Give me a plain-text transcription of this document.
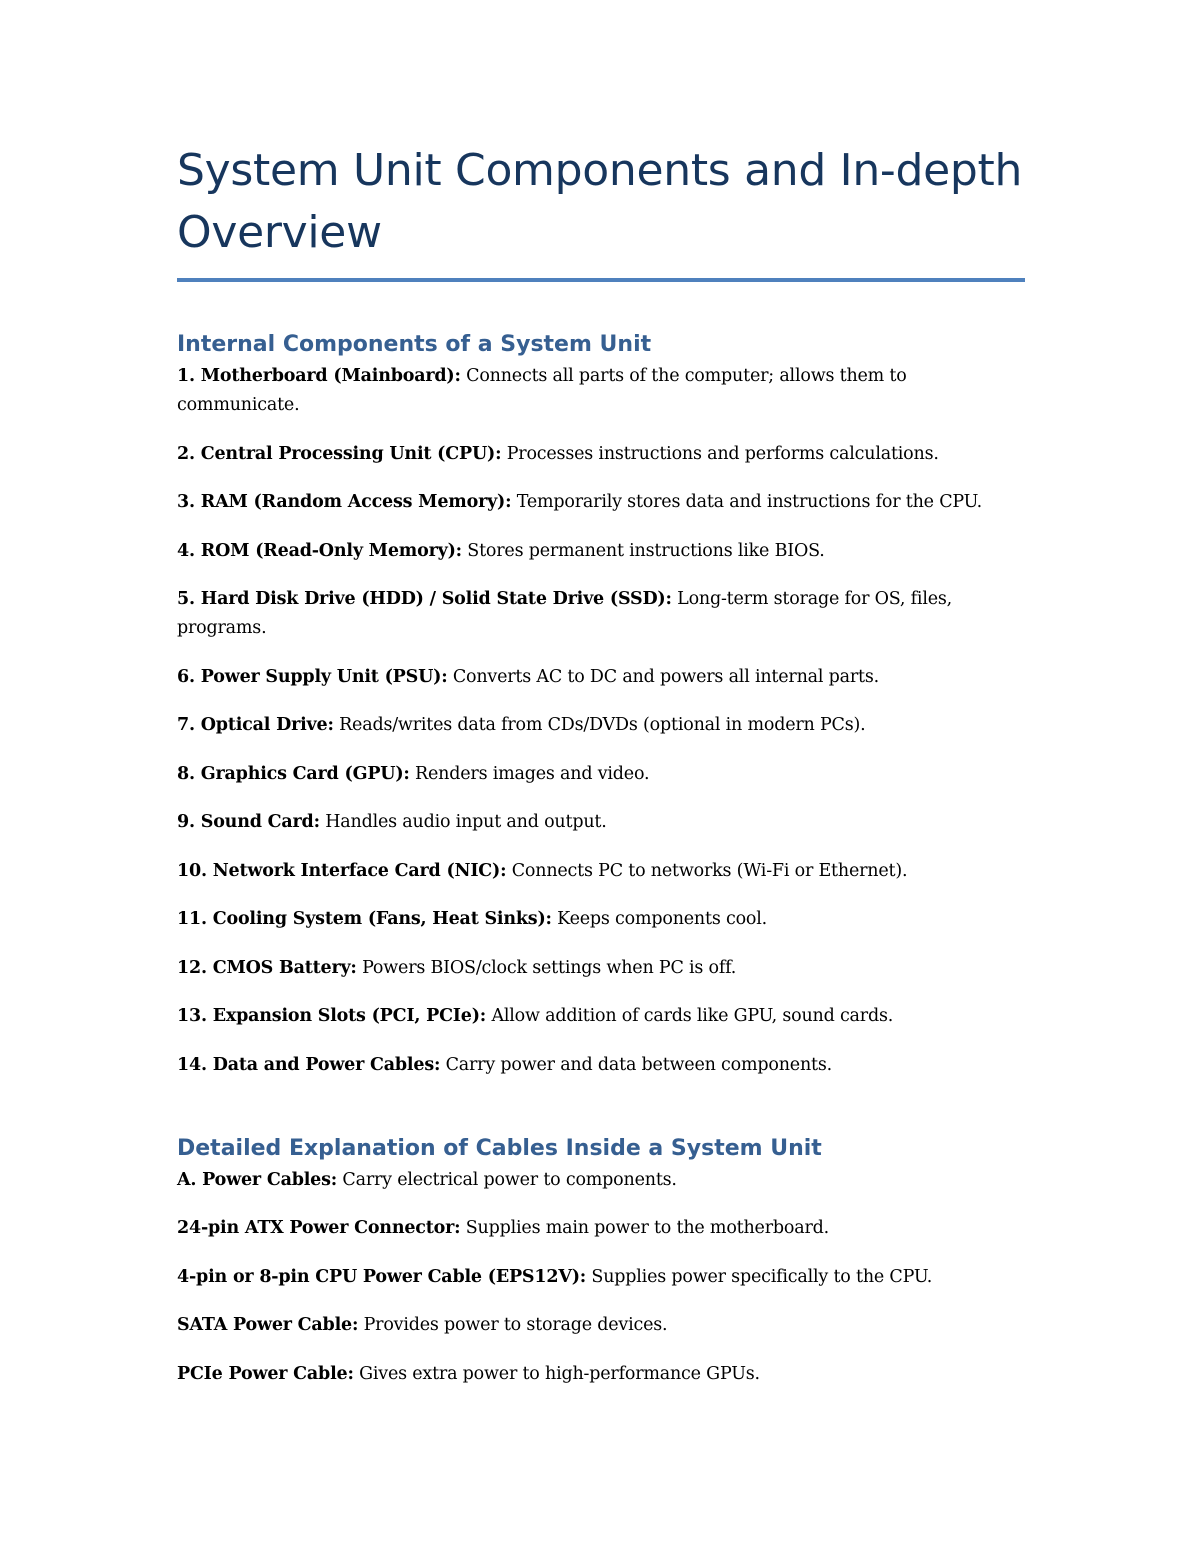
System Unit Components and In-depth Overview
Internal Components of a System Unit

1. Motherboard (Mainboard): Connects all parts of the computer; allows them to communicate.

2. Central Processing Unit (CPU): Processes instructions and performs calculations.

3. RAM (Random Access Memory): Temporarily stores data and instructions for the CPU.

4. ROM (Read-Only Memory): Stores permanent instructions like BIOS.

5. Hard Disk Drive (HDD) / Solid State Drive (SSD): Long-term storage for OS, files, programs.

6. Power Supply Unit (PSU): Converts AC to DC and powers all internal parts.

7. Optical Drive: Reads/writes data from CDs/DVDs (optional in modern PCs).

8. Graphics Card (GPU): Renders images and video.

9. Sound Card: Handles audio input and output.

10. Network Interface Card (NIC): Connects PC to networks (Wi-Fi or Ethernet).

11. Cooling System (Fans, Heat Sinks): Keeps components cool.

12. CMOS Battery: Powers BIOS/clock settings when PC is off.

13. Expansion Slots (PCI, PCIe): Allow addition of cards like GPU, sound cards.

14. Data and Power Cables: Carry power and data between components.

Detailed Explanation of Cables Inside a System Unit

A. Power Cables: Carry electrical power to components.

24-pin ATX Power Connector: Supplies main power to the motherboard.

4-pin or 8-pin CPU Power Cable (EPS12V): Supplies power specifically to the CPU.

SATA Power Cable: Provides power to storage devices.

PCIe Power Cable: Gives extra power to high-performance GPUs.
